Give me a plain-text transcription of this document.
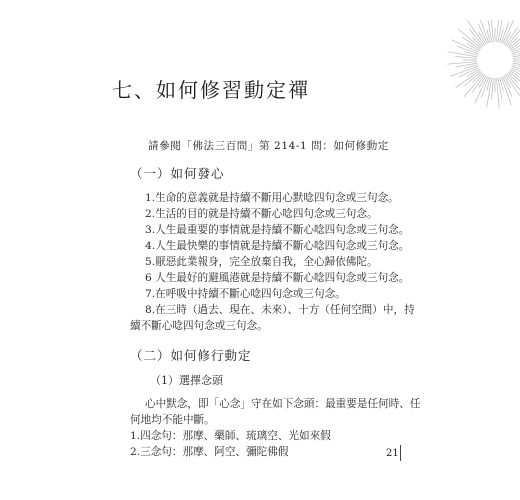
七、如何修習動定禪
請參閱「佛法三百問」第 214-1 問：如何修動定
（一）如何發心
1.生命的意義就是持續不斷用心默唸四句念或三句念。
2.生活的目的就是持續不斷心唸四句念或三句念。
3.人生最重要的事情就是持續不斷心唸四句念或三句念。
4.人生最快樂的事情就是持續不斷心唸四句念或三句念。
5.厭惡此業報身，完全放棄自我，全心歸依佛陀。
6 人生最好的避風港就是持續不斷心唸四句念或三句念。
7.在呼吸中持續不斷心唸四句念或三句念。
8.在三時（過去、現在、未來）、十方（任何空間）中，持
續不斷心唸四句念或三句念。
（二）如何修行動定
（1）選擇念頭
心中默念，即「心念」守在如下念頭：最重要是任何時、任
何地均不能中斷。
1.四念句：那摩、藥師、琉璃空、光如來假
2.三念句：那摩、阿空、彌陀佛假	21
